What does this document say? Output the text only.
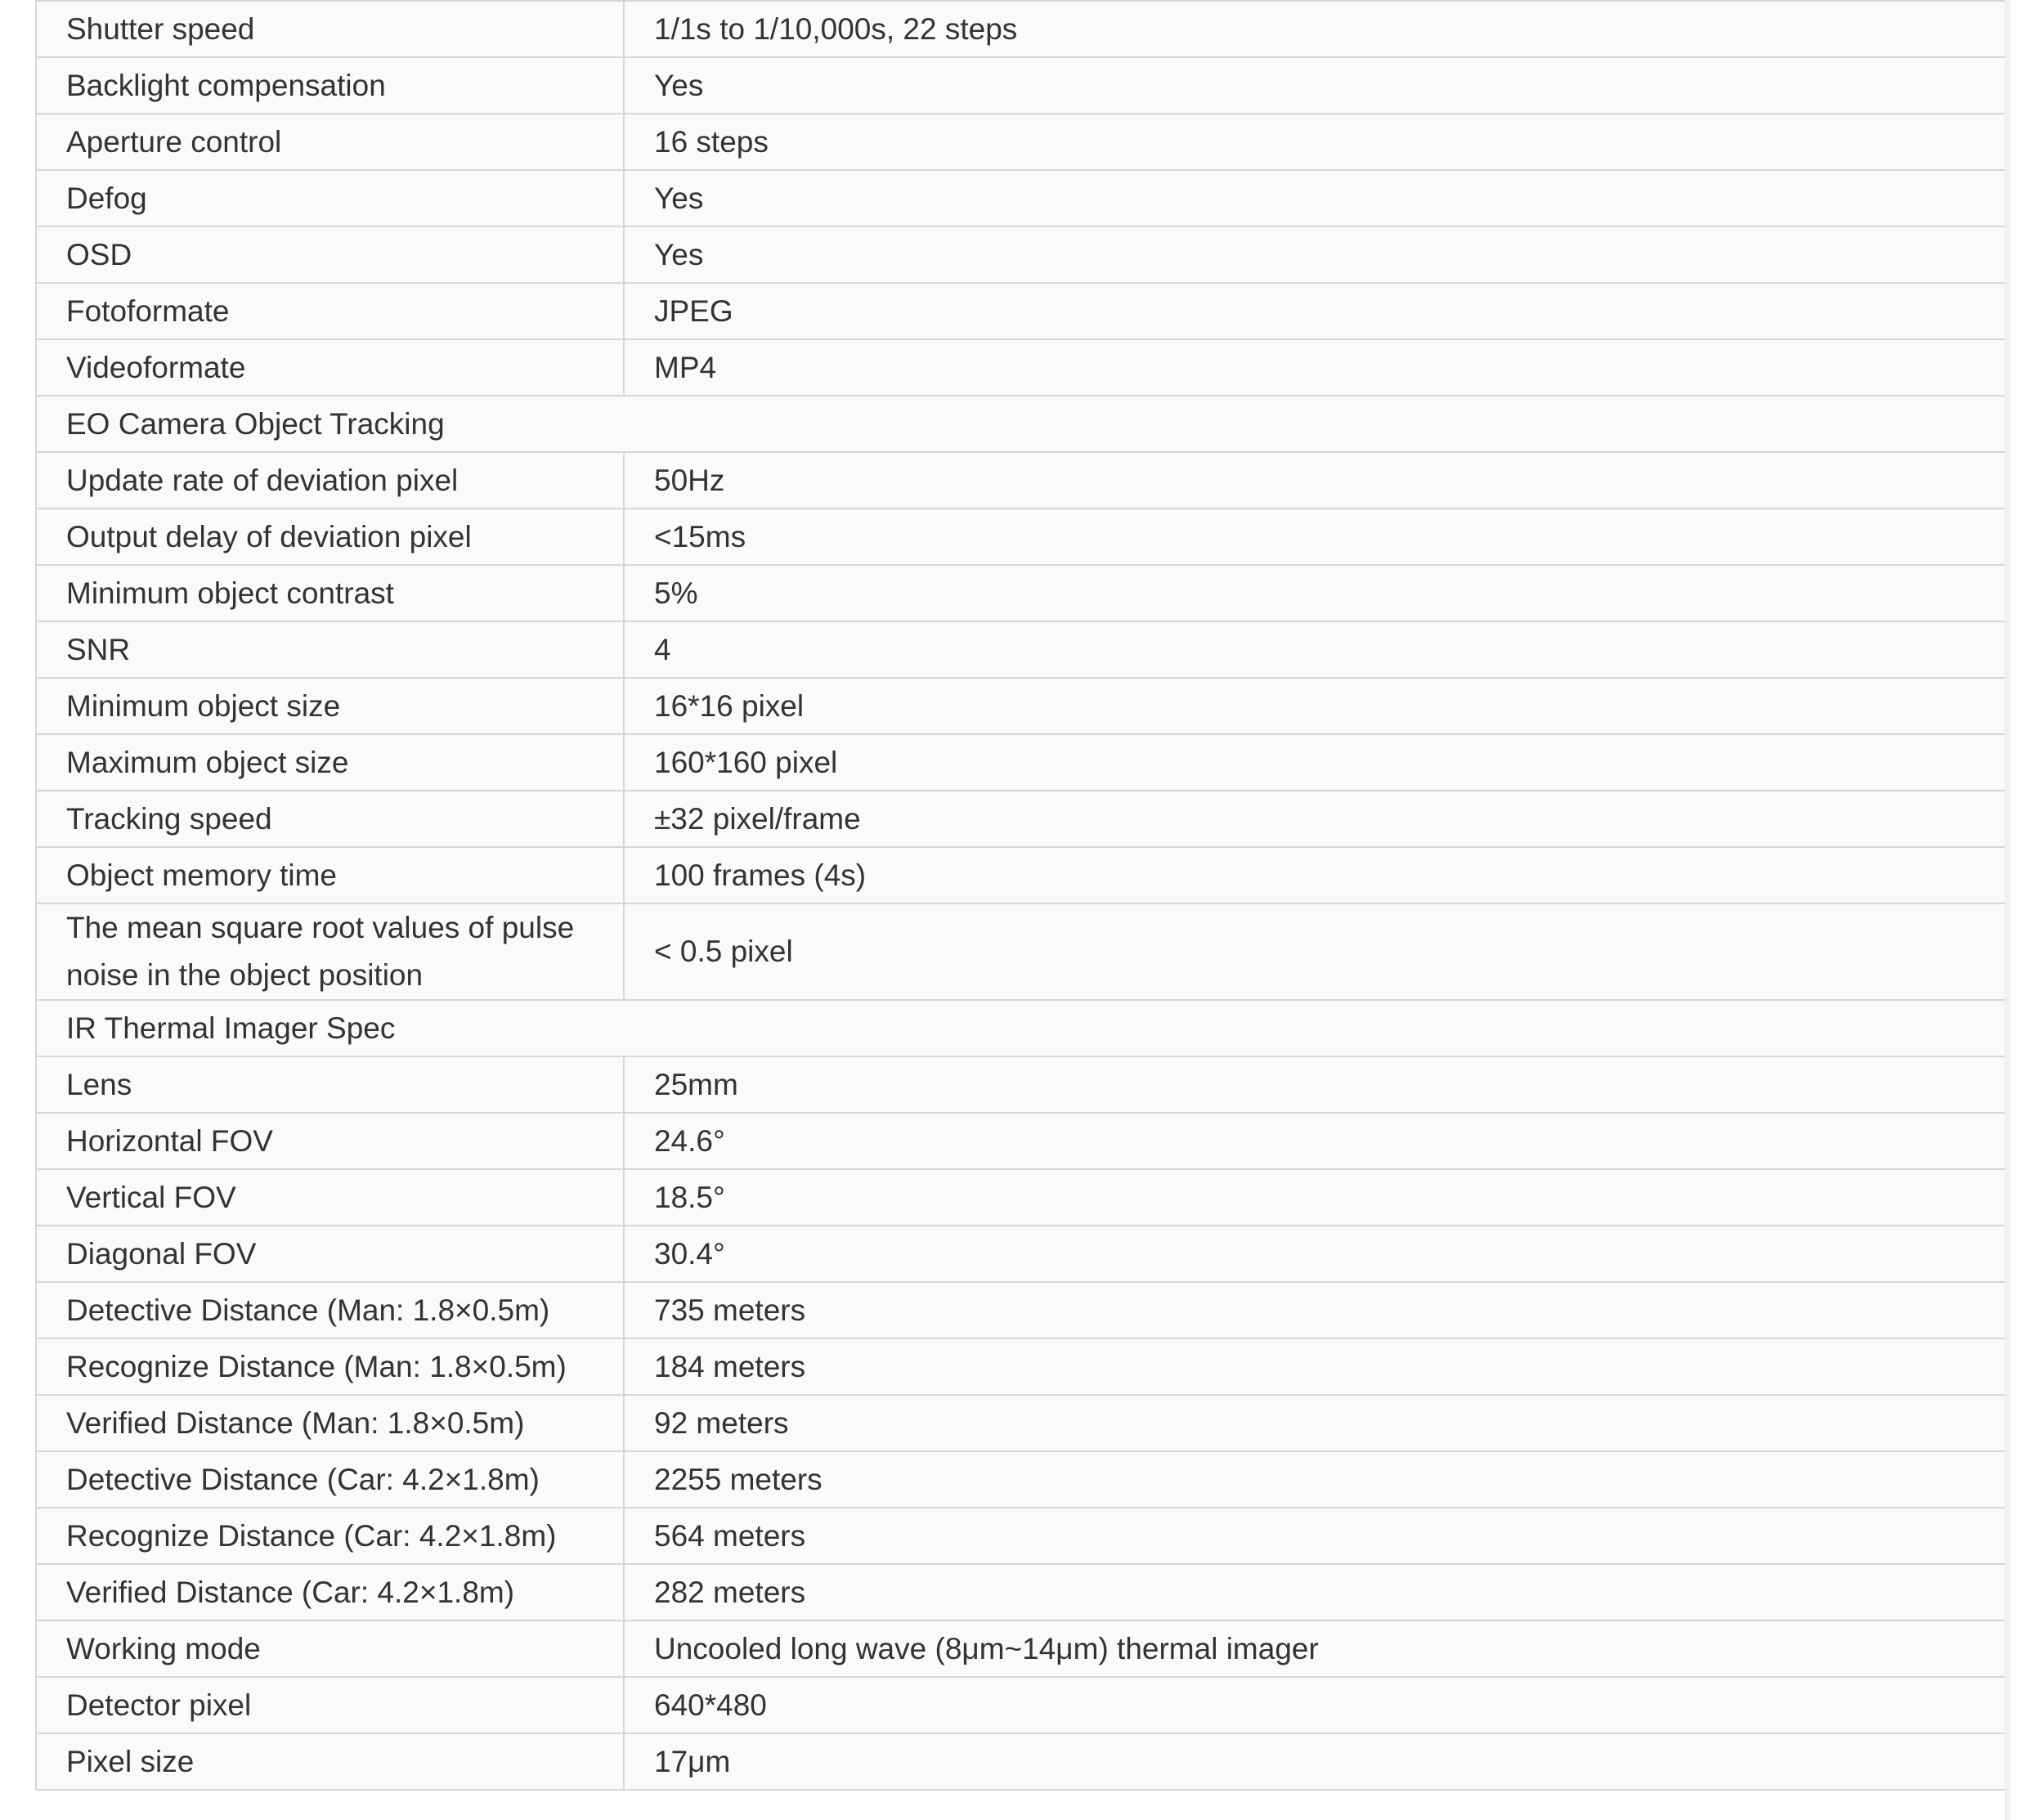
Shutter speed	1/1s to 1/10,000s, 22 steps
Backlight compensation	Yes
Aperture control	16 steps
Defog	Yes
OSD	Yes
Fotoformate	JPEG
Videoformate	MP4
EO Camera Object Tracking	
Update rate of deviation pixel	50Hz
Output delay of deviation pixel	<15ms
Minimum object contrast	5%
SNR	4
Minimum object size	16*16 pixel
Maximum object size	160*160 pixel
Tracking speed	±32 pixel/frame
Object memory time	100 frames (4s)
The mean square root values of pulse noise in the object position	< 0.5 pixel
IR Thermal Imager Spec	
Lens	25mm
Horizontal FOV	24.6°
Vertical FOV	18.5°
Diagonal FOV	30.4°
Detective Distance (Man: 1.8×0.5m)	735 meters
Recognize Distance (Man: 1.8×0.5m)	184 meters
Verified Distance (Man: 1.8×0.5m)	92 meters
Detective Distance (Car: 4.2×1.8m)	2255 meters
Recognize Distance (Car: 4.2×1.8m)	564 meters
Verified Distance (Car: 4.2×1.8m)	282 meters
Working mode	Uncooled long wave (8μm~14μm) thermal imager
Detector pixel	640*480
Pixel size	17μm
